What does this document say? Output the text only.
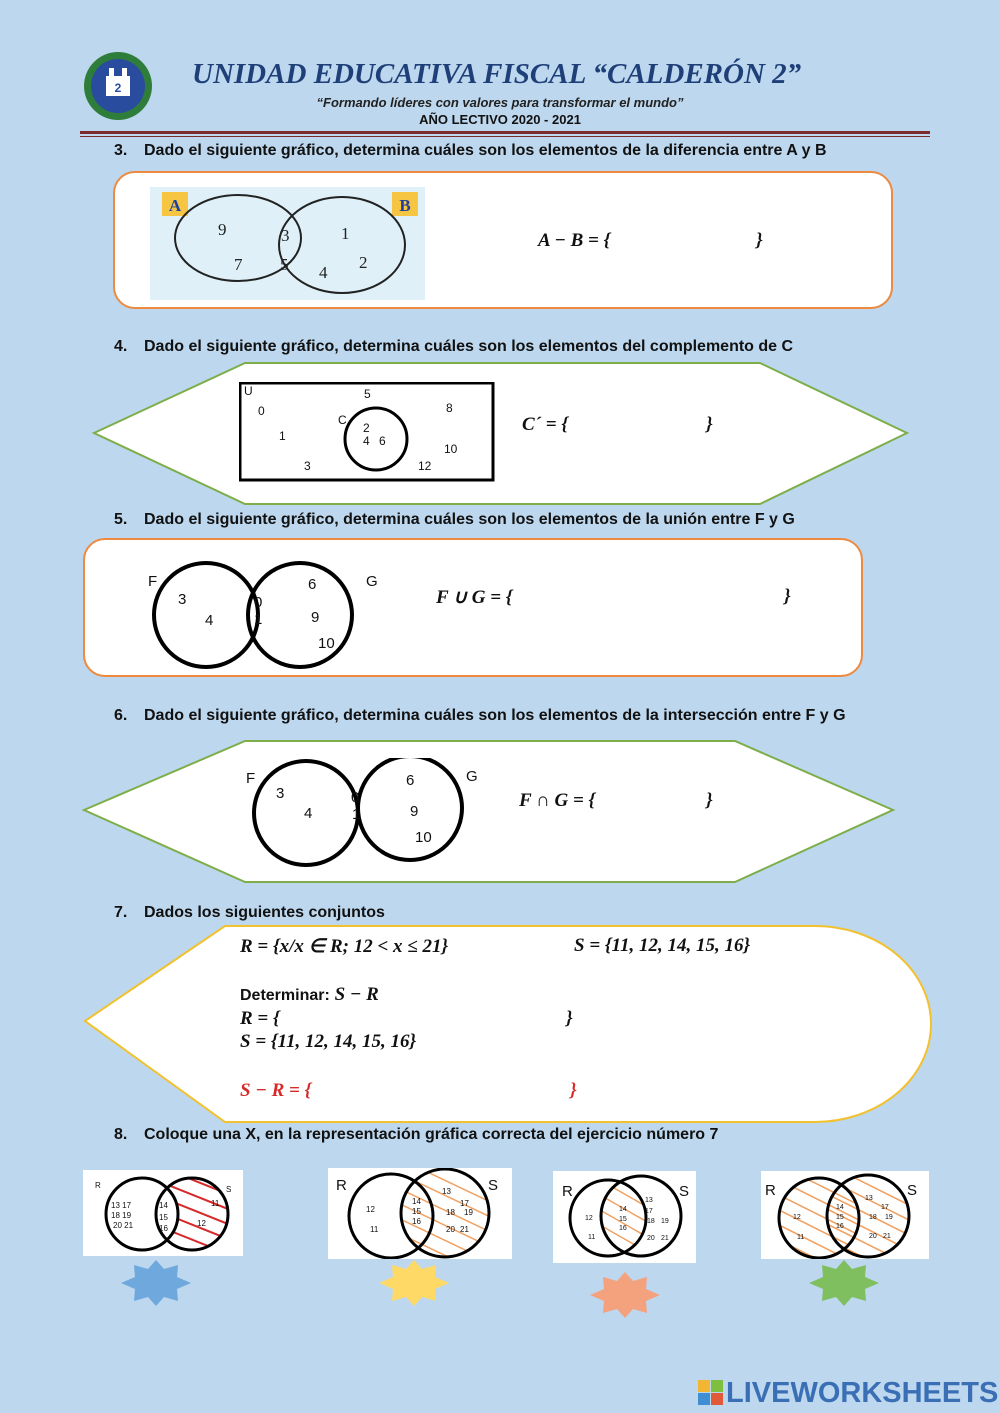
2 UNIDAD EDUCATIVA FISCAL “CALDERÓN 2”
“Formando líderes con valores para transformar el mundo”
AÑO LECTIVO 2020 - 2021
3. Dado el siguiente gráfico, determina cuáles son los elementos de la diferencia entre A y B
A	B
9
7
3
5
1
2
4
A − B = {	}
4. Dado el siguiente gráfico, determina cuáles son los elementos del complemento de C
U
C
0
5
8
1
10
3	12
2
4 6
C´ = {	}
5. Dado el siguiente gráfico, determina cuáles son los elementos de la unión entre F y G
F	G
3
4
0
1
6
9
10
F ∪ G = {	}
6. Dado el siguiente gráfico, determina cuáles son los elementos de la intersección entre F y G
F	G
3
4
0
1
6
9
10
F ∩ G = {	}
7. Dados los siguientes conjuntos
R = {x/x ∈ R; 12 < x ≤ 21}	S = {11, 12, 14, 15, 16}
Determinar: S − R
R = {	}
S = {11, 12, 14, 15, 16}
S − R = {	}
8. Coloque una X, en la representación gráfica correcta del ejercicio número 7
R	S
13 17
18 19
20 21
14
15
16
11
12
R	S
12
11
14
15
16
13
17
18 19
20 21
R	S
12
11
14
15
16
13
17
18 19
20 21
R	S
12
11
14
15
16
13
17
18 19
20 21
LIVEWORKSHEETS
